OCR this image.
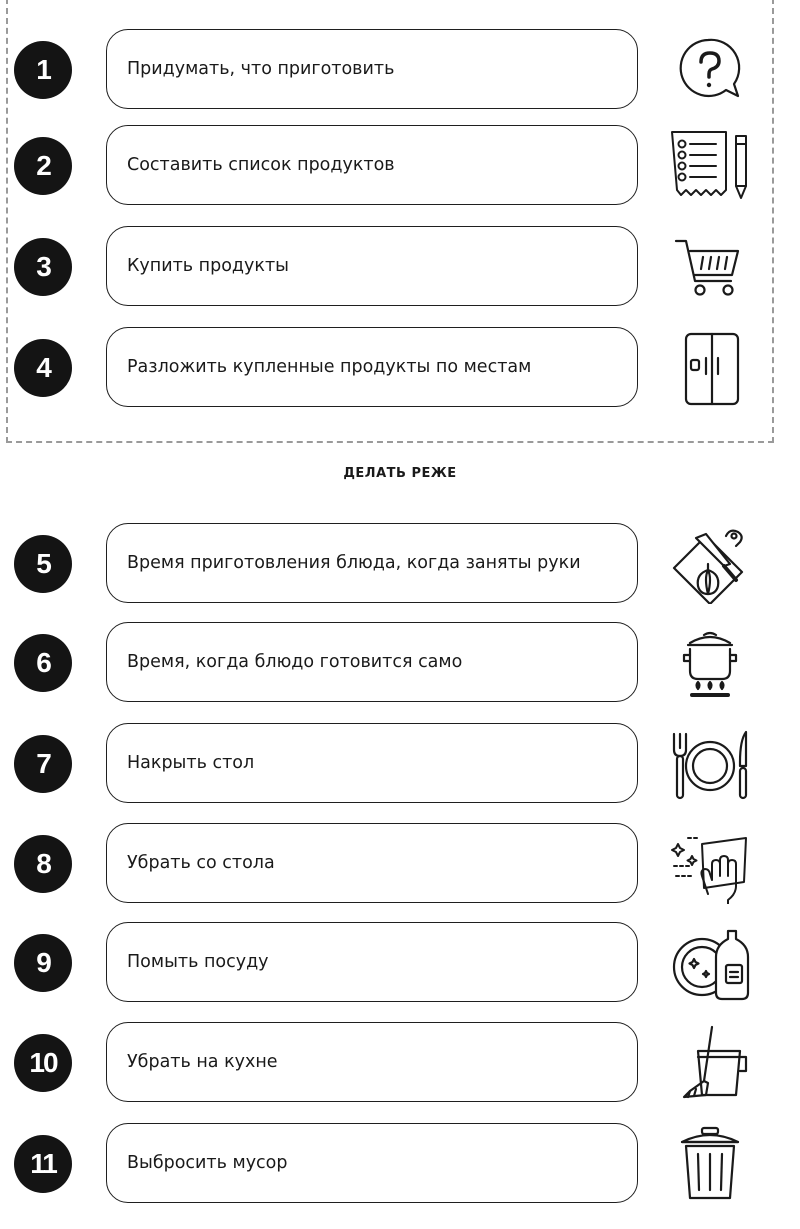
ДЕЛАТЬ РЕЖЕ
1	Придумать, что приготовить
2	Составить список продуктов
3	Купить продукты
4	Разложить купленные продукты по местам
5	Время приготовления блюда, когда заняты руки
6	Время, когда блюдо готовится само
7	Накрыть стол
8	Убрать со стола
9	Помыть посуду
10	Убрать на кухне
11	Выбросить мусор
